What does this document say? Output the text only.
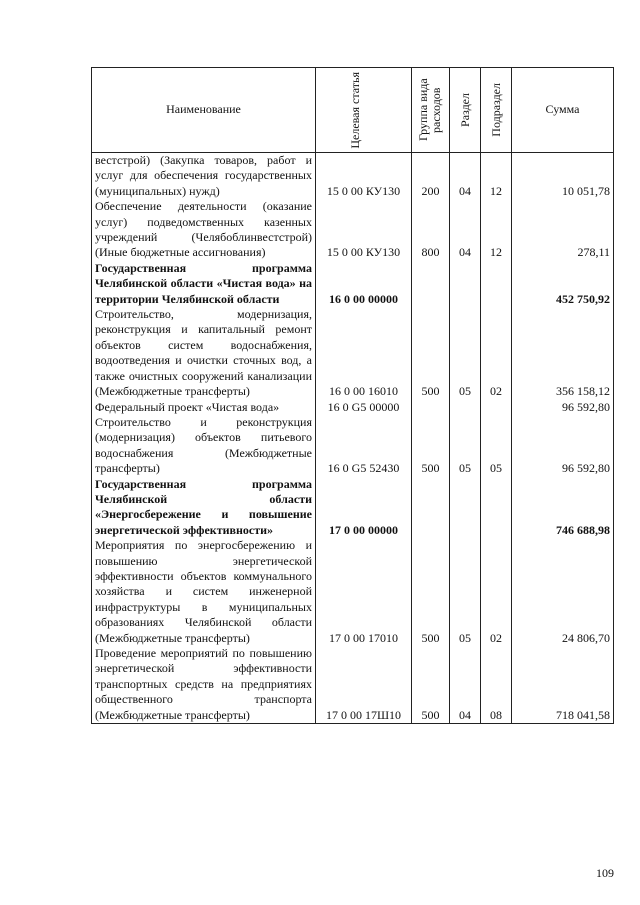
Наименование	Целевая статья	Группа вида расходов	Раздел	Подраздел	Сумма
вестстрой) (Закупка товаров, работ и услуг для обеспечения государственных (муниципальных) нужд)	15 0 00 КУ130	200	04	12	10 051,78
Обеспечение деятельности (оказание услуг) подведомственных казенных учреждений (Челябоблинвестстрой) (Иные бюджетные ассигнования)	15 0 00 КУ130	800	04	12	278,11
Государственная программа Челябинской области «Чистая вода» на территории Челябинской области	16 0 00 00000				452 750,92
Строительство, модернизация, реконструкция и капитальный ремонт объектов систем водоснабжения, водоотведения и очистки сточных вод, а также очистных сооружений канализации (Межбюджетные трансферты)	16 0 00 16010	500	05	02	356 158,12
Федеральный проект «Чистая вода»	16 0 G5 00000				96 592,80
Строительство и реконструкция (модернизация) объектов питьевого водоснабжения (Межбюджетные трансферты)	16 0 G5 52430	500	05	05	96 592,80
Государственная программа Челябинской области «Энергосбережение и повышение энергетической эффективности»	17 0 00 00000				746 688,98
Мероприятия по энергосбережению и повышению энергетической эффективности объектов коммунального хозяйства и систем инженерной инфраструктуры в муниципальных образованиях Челябинской области (Межбюджетные трансферты)	17 0 00 17010	500	05	02	24 806,70
Проведение мероприятий по повышению энергетической эффективности транспортных средств на предприятиях общественного транспорта (Межбюджетные трансферты)	17 0 00 17Ш10	500	04	08	718 041,58
109
